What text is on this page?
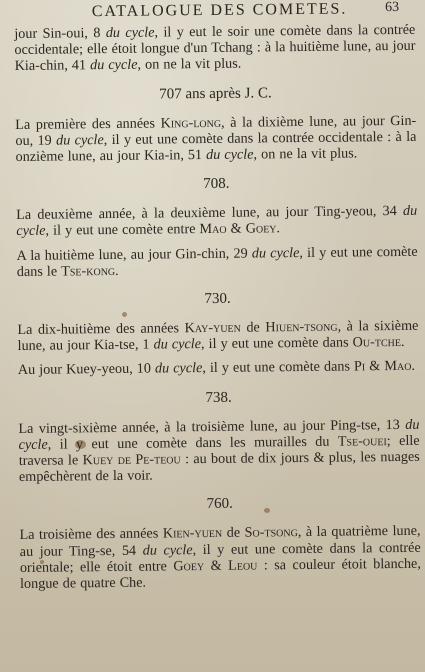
CATALOGUE DES COMETES.	63

jour Sin-oui, 8 du cycle, il y eut le soir une comète dans la contrée occidentale; elle étoit longue d'un Tchang : à la huitième lune, au jour Kia-chin, 41 du cycle, on ne la vit plus.

707 ans après J. C.

La première des années King-long, à la dixième lune, au jour Gin-ou, 19 du cycle, il y eut une comète dans la contrée occidentale : à la onzième lune, au jour Kia-in, 51 du cycle, on ne la vit plus.

708.

La deuxième année, à la deuxième lune, au jour Ting-yeou, 34 du cycle, il y eut une comète entre Mao & Goey.

A la huitième lune, au jour Gin-chin, 29 du cycle, il y eut une comète dans le Tse-kong.

730.

La dix-huitième des années Kay-yuen de Hiuen-tsong, à la sixième lune, au jour Kia-tse, 1 du cycle, il y eut une comète dans Ou-tche.

Au jour Kuey-yeou, 10 du cycle, il y eut une comète dans Pi & Mao.

738.

La vingt-sixième année, à la troisième lune, au jour Ping-tse, 13 du cycle, il y eut une comète dans les murailles du Tse-ouei; elle traversa le Kuey de Pe-teou : au bout de dix jours & plus, les nuages empêchèrent de la voir.

760.

La troisième des années Kien-yuen de So-tsong, à la quatrième lune, au jour Ting-se, 54 du cycle, il y eut une comète dans la contrée orientale; elle étoit entre Goey & Leou : sa couleur étoit blanche, longue de quatre Che.
